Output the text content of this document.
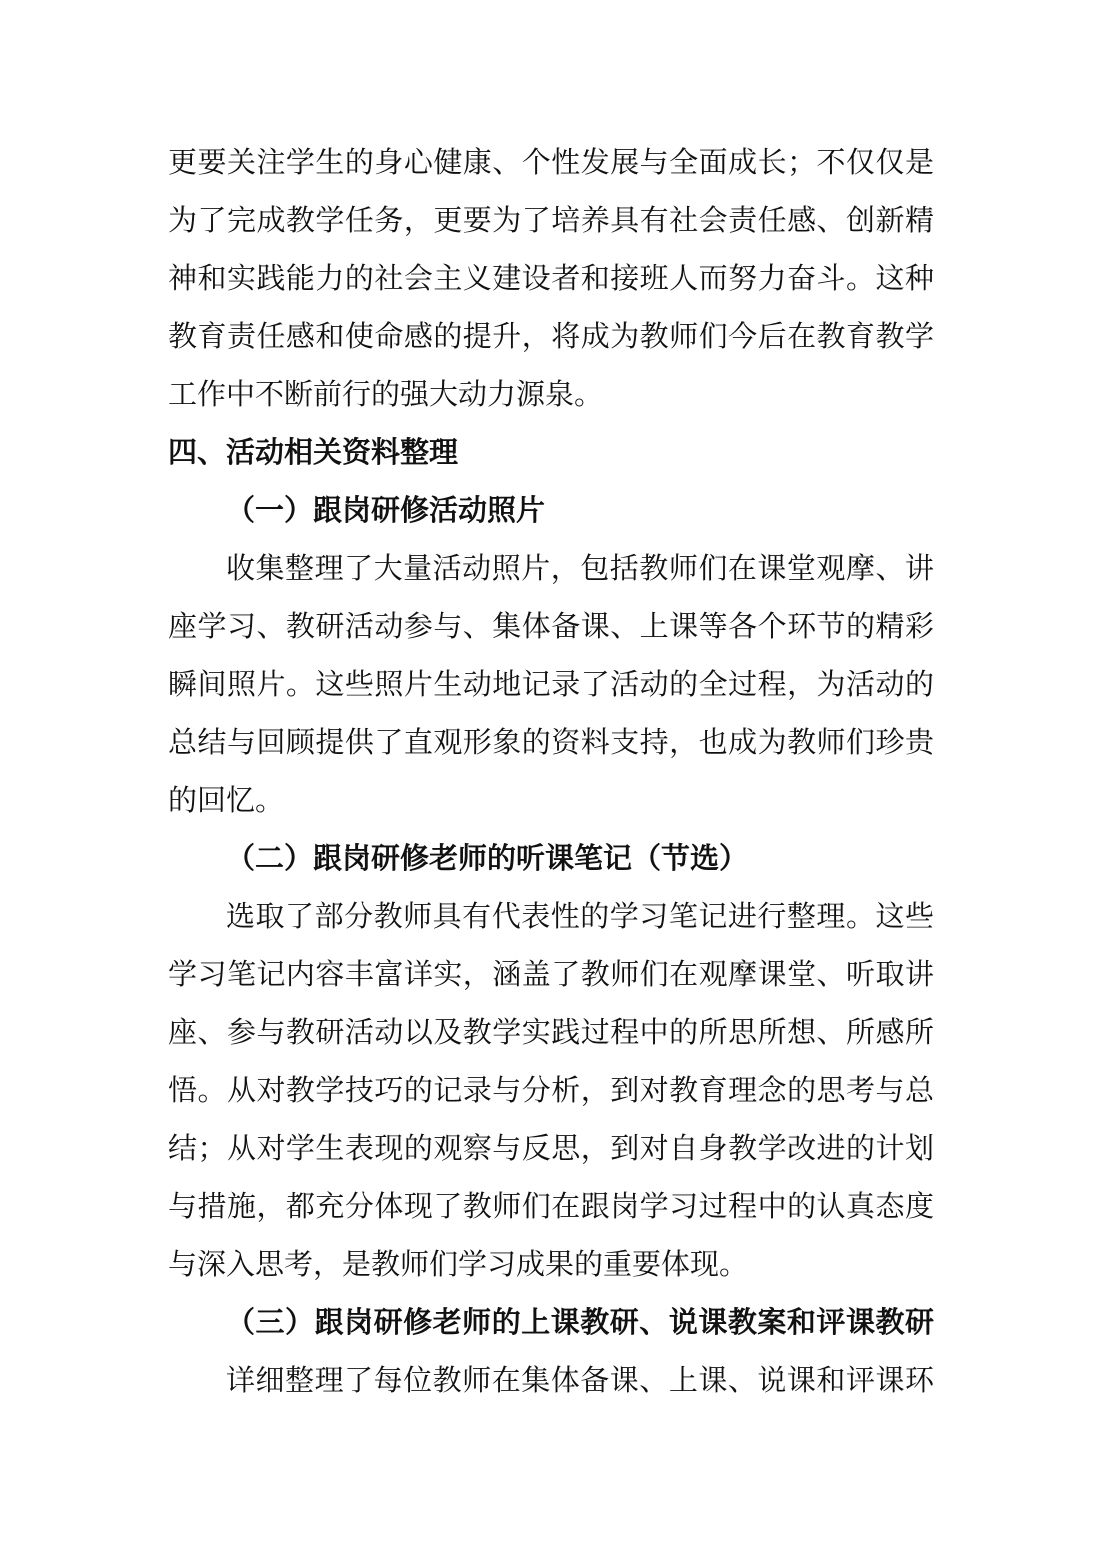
更要关注学生的身心健康、个性发展与全面成长；不仅仅是
为了完成教学任务，更要为了培养具有社会责任感、创新精
神和实践能力的社会主义建设者和接班人而努力奋斗。这种
教育责任感和使命感的提升，将成为教师们今后在教育教学
工作中不断前行的强大动力源泉。
四、活动相关资料整理
（一）跟岗研修活动照片
收集整理了大量活动照片，包括教师们在课堂观摩、讲
座学习、教研活动参与、集体备课、上课等各个环节的精彩
瞬间照片。这些照片生动地记录了活动的全过程，为活动的
总结与回顾提供了直观形象的资料支持，也成为教师们珍贵
的回忆。
（二）跟岗研修老师的听课笔记（节选）
选取了部分教师具有代表性的学习笔记进行整理。这些
学习笔记内容丰富详实，涵盖了教师们在观摩课堂、听取讲
座、参与教研活动以及教学实践过程中的所思所想、所感所
悟。从对教学技巧的记录与分析，到对教育理念的思考与总
结；从对学生表现的观察与反思，到对自身教学改进的计划
与措施，都充分体现了教师们在跟岗学习过程中的认真态度
与深入思考，是教师们学习成果的重要体现。
（三）跟岗研修老师的上课教研、说课教案和评课教研
详细整理了每位教师在集体备课、上课、说课和评课环
